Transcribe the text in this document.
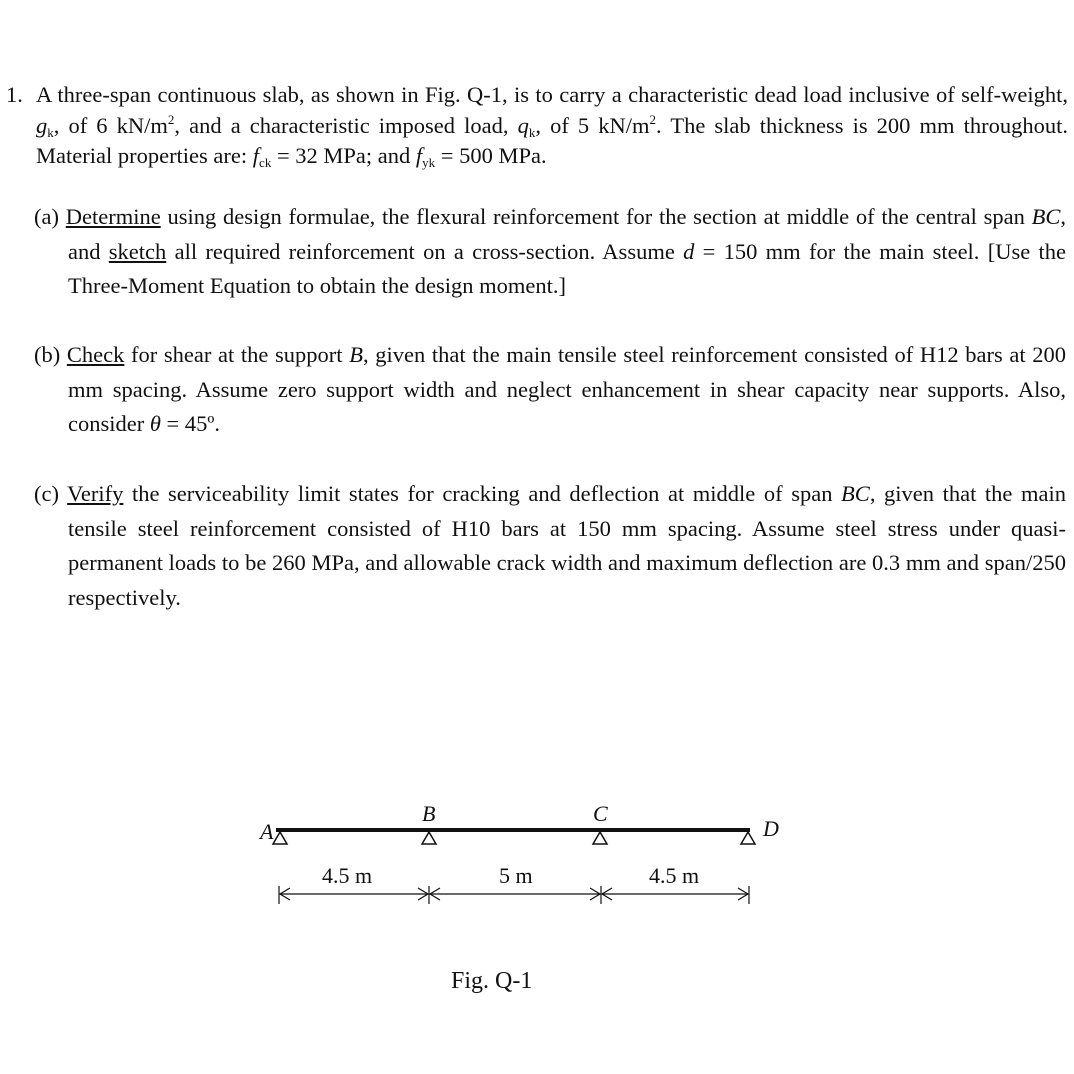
1. A three-span continuous slab, as shown in Fig. Q-1, is to carry a characteristic dead load inclusive of self-weight, $g_k$, of 6 $kN/m^2$, and a characteristic imposed load, $q_k$, of 5 $kN/m^2$. The slab thickness is 200 mm throughout. Material properties are: $f_{ck} = 32$ MPa; and $f_{yk} = 500$ MPa.
(a) Determine using design formulae, the flexural reinforcement for the section at middle of the central span BC, and sketch all required reinforcement on a cross-section. Assume d = 150 mm for the main steel. [Use the Three-Moment Equation to obtain the design moment.]
(b) Check for shear at the support B, given that the main tensile steel reinforcement consisted of H12 bars at 200 mm spacing. Assume zero support width and neglect enhancement in shear capacity near supports. Also, consider θ = 45º.
(c) Verify the serviceability limit states for cracking and deflection at middle of span BC, given that the main tensile steel reinforcement consisted of H10 bars at 150 mm spacing. Assume steel stress under quasi-permanent loads to be 260 MPa, and allowable crack width and maximum deflection are 0.3 mm and span/250 respectively.
A
B	C
D
4.5 m	5 m	4.5 m
Fig. Q-1
